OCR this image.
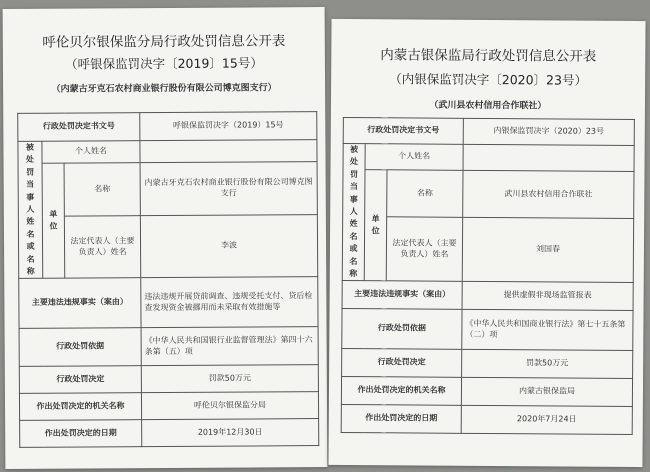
呼伦贝尔银保监分局行政处罚信息公开表
（呼银保监罚决字〔2019〕15号）
（内蒙古牙克石农村商业银行股份有限公司博克图支行）
行政处罚决定书文号			呼银保监罚决字（2019）15号

被处罚当事人姓名或名称	个人姓名		

	单位	名称	内蒙古牙克石农村商业银行股份有限公司博克图支行
		法定代表人（主要负责人）姓名	李波
主要违法违规事实（案由）			违法违规开展贷前调查、违规受托支付、贷后检查发现资金被挪用而未采取有效措施等
行政处罚依据			《中华人民共和国银行业监督管理法》第四十六条第（五）项
行政处罚决定			罚款50万元
作出处罚决定的机关名称			呼伦贝尔银保监分局
作出处罚决定的日期			2019年12月30日
内蒙古银保监局行政处罚信息公开表
（内银保监罚决字〔2020〕23号）
（武川县农村信用合作联社）
行政处罚决定书文号			内银保监罚决字（2020）23号

被处罚当事人姓名或名称	个人姓名		

	单位	名称	武川县农村信用合作联社
		法定代表人（主要负责人）姓名	刘国春
主要违法违规事实（案由）			提供虚假非现场监管报表
行政处罚依据			《中华人民共和国商业银行法》第七十五条第（二）项
行政处罚决定			罚款50万元
作出处罚决定的机关名称			内蒙古银保监局
作出处罚决定的日期			2020年7月24日
